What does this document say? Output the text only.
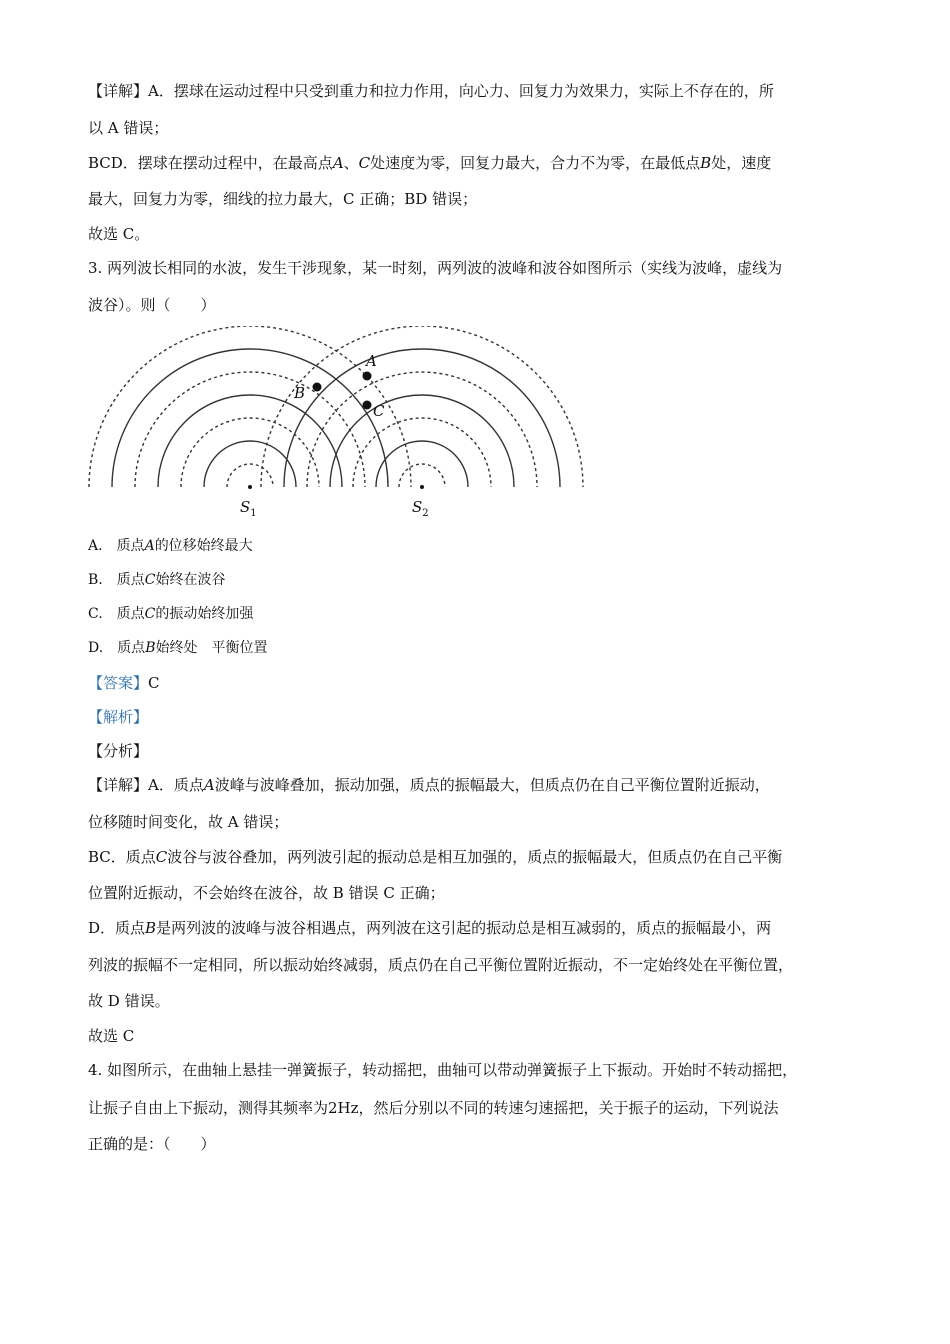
【详解】A．摆球在运动过程中只受到重力和拉力作用，向心力、回复力为效果力，实际上不存在的，所
以 A 错误；
BCD．摆球在摆动过程中，在最高点A、C处速度为零，回复力最大，合力不为零，在最低点B处，速度
最大，回复力为零，细线的拉力最大，C 正确；BD 错误；
故选 C。
3. 两列波长相同的水波，发生干涉现象，某一时刻，两列波的波峰和波谷如图所示（实线为波峰，虚线为
波谷）。则（　　）
A
B
C
$S_1$	$S_2$
A.　 质点A的位移始终最大
B.　 质点C始终在波谷
C.　 质点C的振动始终加强
D.　 质点B始终处　平衡位置
【答案】C
【解析】
【分析】
【详解】A．质点A波峰与波峰叠加，振动加强，质点的振幅最大，但质点仍在自己平衡位置附近振动，
位移随时间变化，故 A 错误；
BC．质点C波谷与波谷叠加，两列波引起的振动总是相互加强的，质点的振幅最大，但质点仍在自己平衡
位置附近振动，不会始终在波谷，故 B 错误 C 正确；
D．质点B是两列波的波峰与波谷相遇点，两列波在这引起的振动总是相互减弱的，质点的振幅最小，两
列波的振幅不一定相同，所以振动始终减弱，质点仍在自己平衡位置附近振动，不一定始终处在平衡位置，
故 D 错误。
故选 C
4. 如图所示，在曲轴上悬挂一弹簧振子，转动摇把，曲轴可以带动弹簧振子上下振动。开始时不转动摇把，
让振子自由上下振动，测得其频率为2Hz，然后分别以不同的转速匀速摇把，关于振子的运动，下列说法
正确的是：（　　）
